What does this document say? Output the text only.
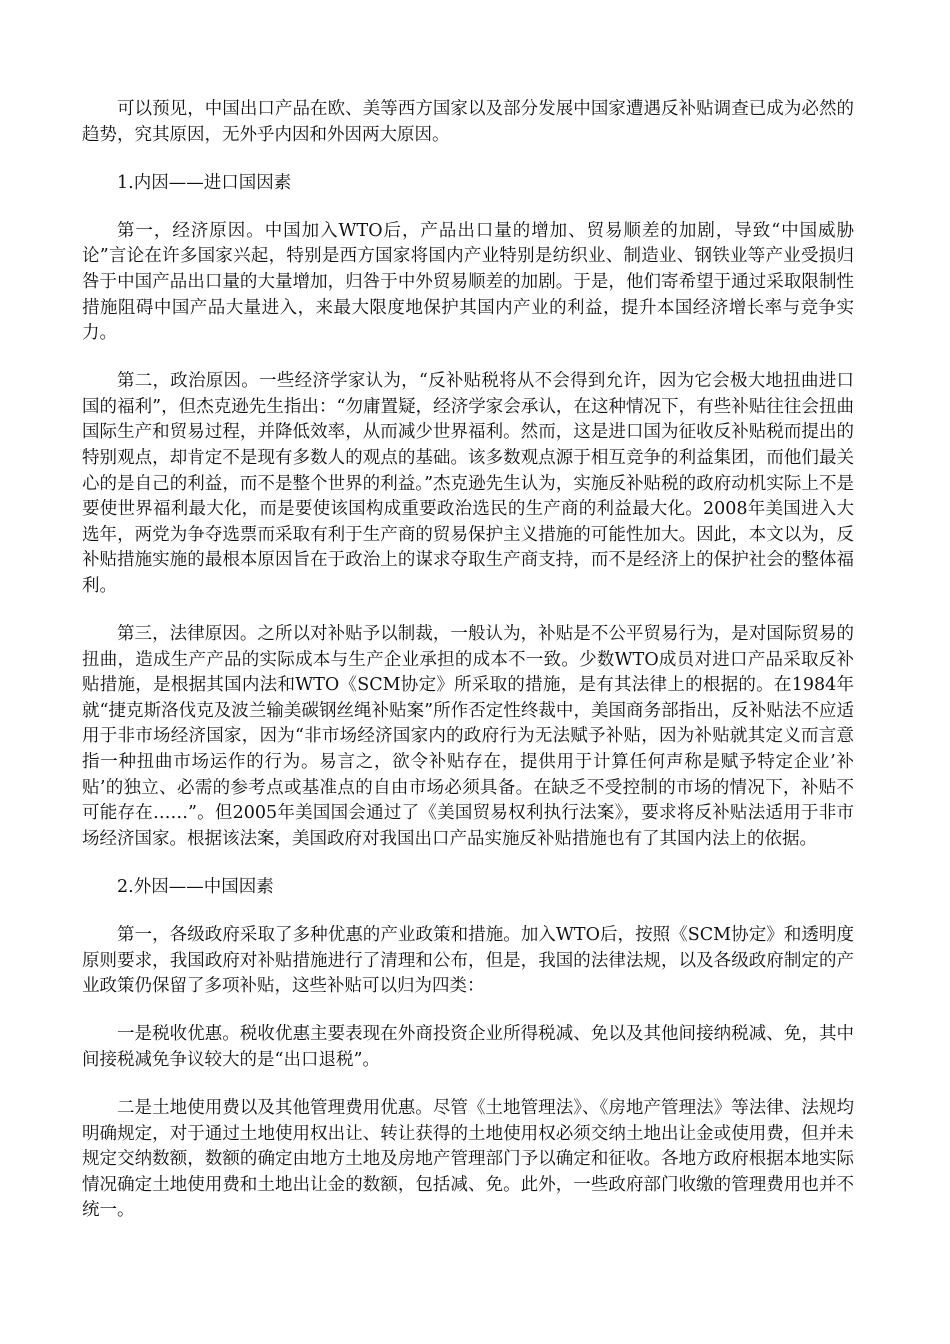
可以预见，中国出口产品在欧、美等西方国家以及部分发展中国家遭遇反补贴调查已成为必然的趋势，究其原因，无外乎内因和外因两大原因。

1.内因——进口国因素

第一，经济原因。中国加入WTO后，产品出口量的增加、贸易顺差的加剧，导致“中国威胁论”言论在许多国家兴起，特别是西方国家将国内产业特别是纺织业、制造业、钢铁业等产业受损归咎于中国产品出口量的大量增加，归咎于中外贸易顺差的加剧。于是，他们寄希望于通过采取限制性措施阻碍中国产品大量进入，来最大限度地保护其国内产业的利益，提升本国经济增长率与竞争实力。

第二，政治原因。一些经济学家认为，“反补贴税将从不会得到允许，因为它会极大地扭曲进口国的福利”，但杰克逊先生指出：“勿庸置疑，经济学家会承认，在这种情况下，有些补贴往往会扭曲国际生产和贸易过程，并降低效率，从而减少世界福利。然而，这是进口国为征收反补贴税而提出的特别观点，却肯定不是现有多数人的观点的基础。该多数观点源于相互竞争的利益集团，而他们最关心的是自己的利益，而不是整个世界的利益。”杰克逊先生认为，实施反补贴税的政府动机实际上不是要使世界福利最大化，而是要使该国构成重要政治选民的生产商的利益最大化。2008年美国进入大选年，两党为争夺选票而采取有利于生产商的贸易保护主义措施的可能性加大。因此，本文以为，反补贴措施实施的最根本原因旨在于政治上的谋求夺取生产商支持，而不是经济上的保护社会的整体福利。

第三，法律原因。之所以对补贴予以制裁，一般认为，补贴是不公平贸易行为，是对国际贸易的扭曲，造成生产产品的实际成本与生产企业承担的成本不一致。少数WTO成员对进口产品采取反补贴措施，是根据其国内法和WTO《SCM协定》所采取的措施，是有其法律上的根据的。在1984年就“捷克斯洛伐克及波兰输美碳钢丝绳补贴案”所作否定性终裁中，美国商务部指出，反补贴法不应适用于非市场经济国家，因为“非市场经济国家内的政府行为无法赋予补贴，因为补贴就其定义而言意指一种扭曲市场运作的行为。易言之，欲令补贴存在，提供用于计算任何声称是赋予特定企业’补贴’的独立、必需的参考点或基准点的自由市场必须具备。在缺乏不受控制的市场的情况下，补贴不可能存在……”。但2005年美国国会通过了《美国贸易权利执行法案》，要求将反补贴法适用于非市场经济国家。根据该法案，美国政府对我国出口产品实施反补贴措施也有了其国内法上的依据。

2.外因——中国因素

第一，各级政府采取了多种优惠的产业政策和措施。加入WTO后，按照《SCM协定》和透明度原则要求，我国政府对补贴措施进行了清理和公布，但是，我国的法律法规，以及各级政府制定的产业政策仍保留了多项补贴，这些补贴可以归为四类：

一是税收优惠。税收优惠主要表现在外商投资企业所得税减、免以及其他间接纳税减、免，其中间接税减免争议较大的是“出口退税”。

二是土地使用费以及其他管理费用优惠。尽管《土地管理法》、《房地产管理法》等法律、法规均明确规定，对于通过土地使用权出让、转让获得的土地使用权必须交纳土地出让金或使用费，但并未规定交纳数额，数额的确定由地方土地及房地产管理部门予以确定和征收。各地方政府根据本地实际情况确定土地使用费和土地出让金的数额，包括减、免。此外，一些政府部门收缴的管理费用也并不统一。
